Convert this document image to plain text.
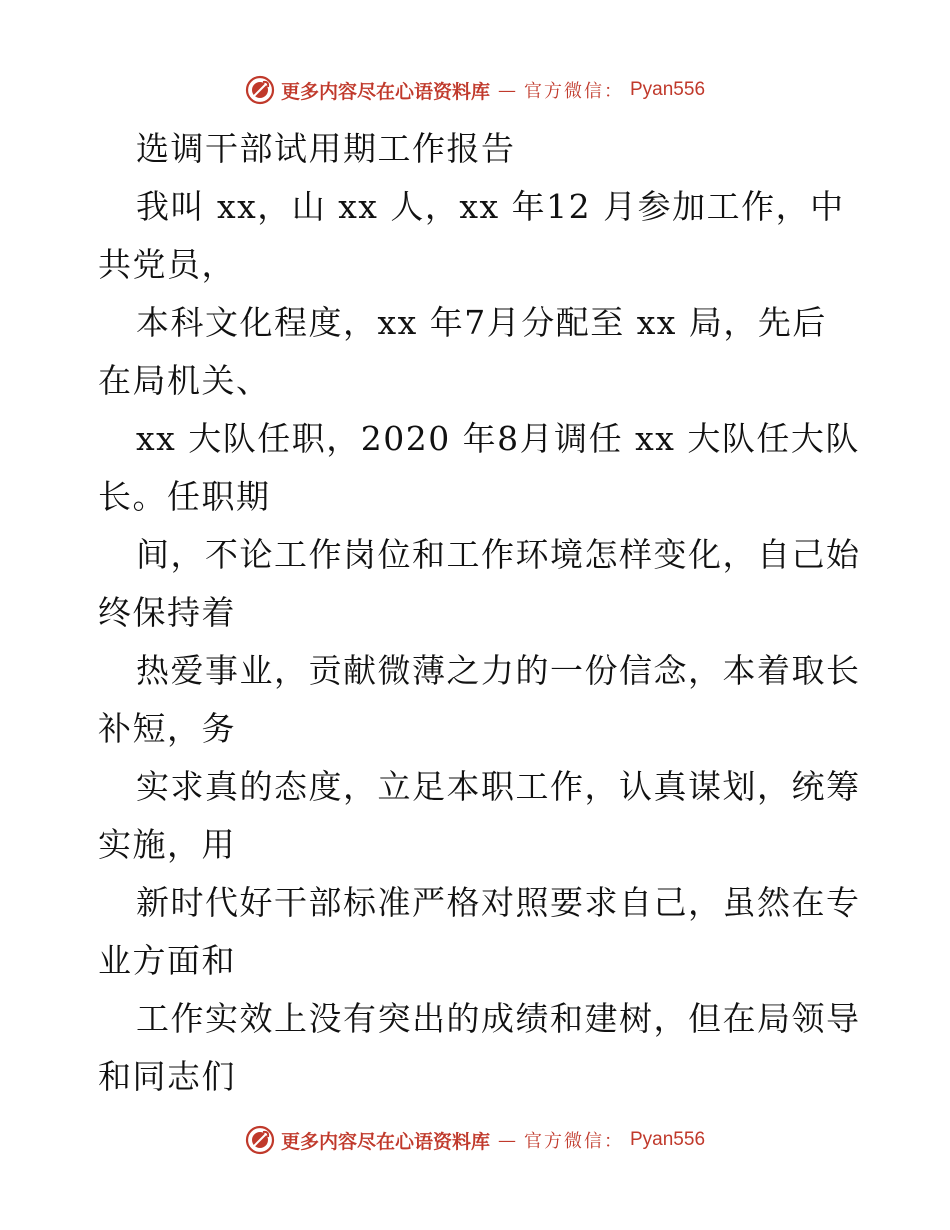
更多内容尽在心语资料库 — 官方微信： Pyan556
选调干部试用期工作报告
我叫 xx，山 xx 人，xx 年12 月参加工作，中
共党员，
本科文化程度，xx 年7月分配至 xx 局，先后
在局机关、
xx 大队任职，2020 年8月调任 xx 大队任大队
长。任职期
间，不论工作岗位和工作环境怎样变化，自己始
终保持着
热爱事业，贡献微薄之力的一份信念，本着取长
补短，务
实求真的态度，立足本职工作，认真谋划，统筹
实施，用
新时代好干部标准严格对照要求自己，虽然在专
业方面和
工作实效上没有突出的成绩和建树，但在局领导
和同志们
更多内容尽在心语资料库 — 官方微信： Pyan556
